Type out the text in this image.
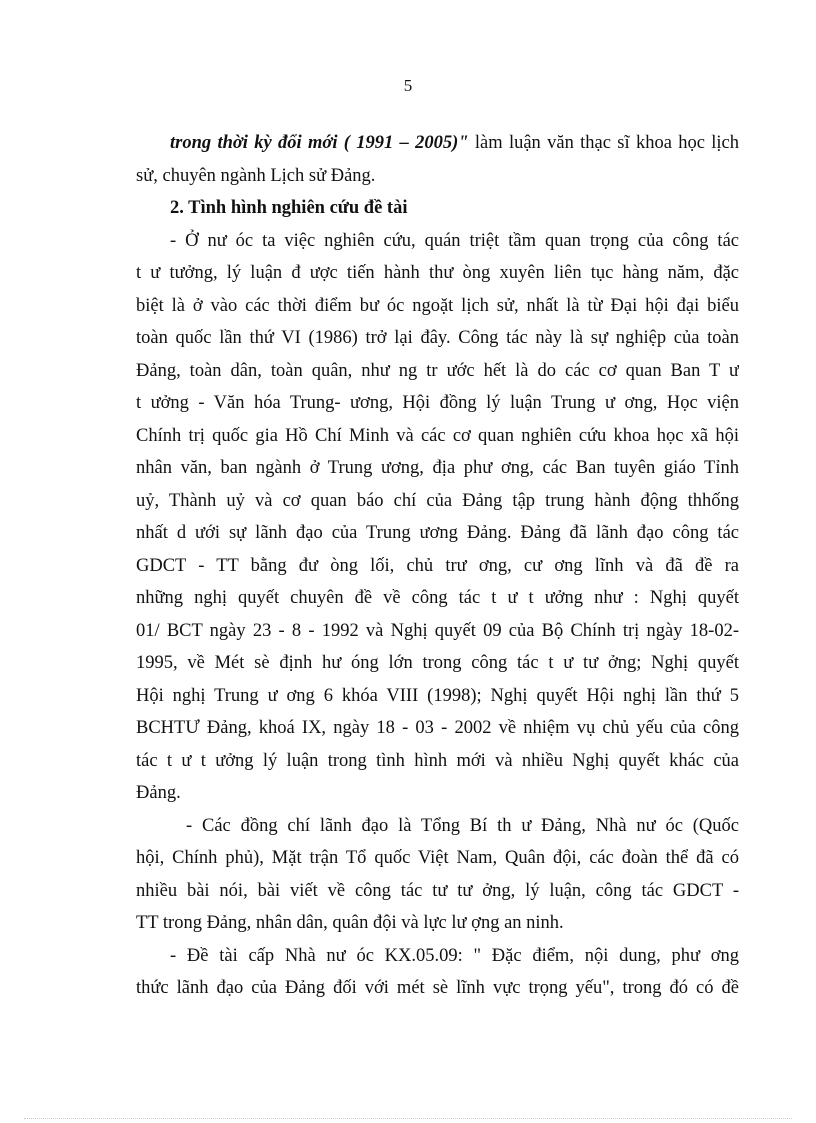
5
trong thời kỳ đổi mới ( 1991 – 2005)" làm luận văn thạc sĩ khoa học lịch
sử, chuyên ngành Lịch sử Đảng.
2. Tình hình nghiên cứu đề tài
- Ở nư óc ta việc nghiên cứu, quán triệt tầm quan trọng của công tác
t ư tưởng, lý luận đ ược tiến hành thư òng xuyên liên tục hàng năm, đặc
biệt là ở vào các thời điểm bư óc ngoặt lịch sử, nhất là từ Đại hội đại biểu
toàn quốc lần thứ VI (1986) trở lại đây. Công tác này là sự nghiệp của toàn
Đảng, toàn dân, toàn quân, như ng tr ước hết là do các cơ quan Ban T ư
t ưởng - Văn hóa Trung- ương, Hội đồng lý luận Trung ư ơng, Học viện
Chính trị quốc gia Hồ Chí Minh và các cơ quan nghiên cứu khoa học xã hội
nhân văn, ban ngành ở Trung ương, địa phư ơng, các Ban tuyên giáo Tỉnh
uỷ, Thành uỷ và cơ quan báo chí của Đảng tập trung hành động thhống
nhất d ưới sự lãnh đạo của Trung ương Đảng. Đảng đã lãnh đạo công tác
GDCT - TT bằng đư òng lối, chủ trư ơng, cư ơng lĩnh và đã đề ra
những nghị quyết chuyên đề về công tác t ư t ưởng như : Nghị quyết
01/ BCT ngày 23 - 8 - 1992 và Nghị quyết 09 của Bộ Chính trị ngày 18-02-
1995, về Mét sè định hư óng lớn trong công tác t ư tư ởng; Nghị quyết
Hội nghị Trung ư ơng 6 khóa VIII (1998); Nghị quyết Hội nghị lần thứ 5
BCHTƯ Đảng, khoá IX, ngày 18 - 03 - 2002 về nhiệm vụ chủ yếu của công
tác t ư t ưởng lý luận trong tình hình mới và nhiều Nghị quyết khác của
Đảng.
- Các đồng chí lãnh đạo là Tổng Bí th ư Đảng, Nhà nư óc (Quốc
hội, Chính phủ), Mặt trận Tổ quốc Việt Nam, Quân đội, các đoàn thể đã có
nhiều bài nói, bài viết về công tác tư tư ởng, lý luận, công tác GDCT -
TT trong Đảng, nhân dân, quân đội và lực lư ợng an ninh.
- Đề tài cấp Nhà nư óc KX.05.09: " Đặc điểm, nội dung, phư ơng
thức lãnh đạo của Đảng đối với mét sè lĩnh vực trọng yếu", trong đó có đề
